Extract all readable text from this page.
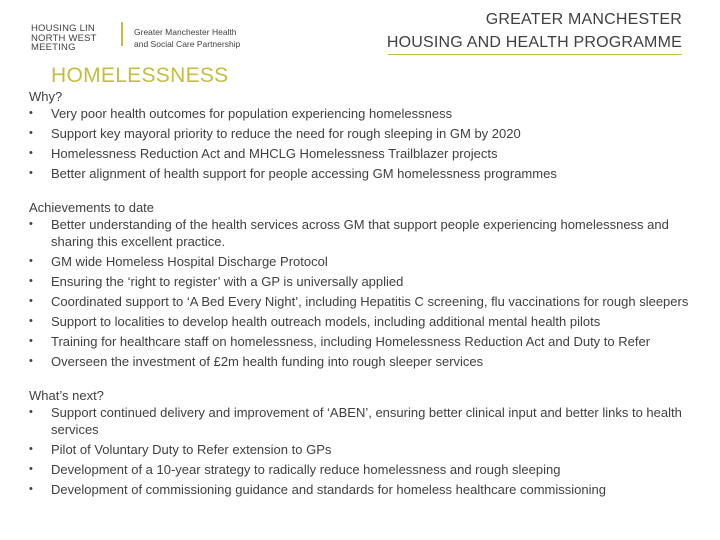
HOUSING LIN
NORTH WEST
MEETING
Greater Manchester Health
and Social Care Partnership
GREATER MANCHESTER
HOUSING AND HEALTH PROGRAMME
HOMELESSNESS
Why?
•	Very poor health outcomes for population experiencing homelessness
•	Support key mayoral priority to reduce the need for rough sleeping in GM by 2020
•	Homelessness Reduction Act and MHCLG Homelessness Trailblazer projects
•	Better alignment of health support for people accessing GM homelessness programmes
Achievements to date
•	Better understanding of the health services across GM that support people experiencing homelessness and sharing this excellent practice.
•	GM wide Homeless Hospital Discharge Protocol
•	Ensuring the ‘right to register’ with a GP is universally applied
•	Coordinated support to ‘A Bed Every Night’, including Hepatitis C screening, flu vaccinations for rough sleepers
•	Support to localities to develop health outreach models, including additional mental health pilots
•	Training for healthcare staff on homelessness, including Homelessness Reduction Act and Duty to Refer
•	Overseen the investment of £2m health funding into rough sleeper services
What’s next?
•	Support continued delivery and improvement of ‘ABEN’, ensuring better clinical input and better links to health services
•	Pilot of Voluntary Duty to Refer extension to GPs
•	Development of a 10-year strategy to radically reduce homelessness and rough sleeping
•	Development of commissioning guidance and standards for homeless healthcare commissioning
